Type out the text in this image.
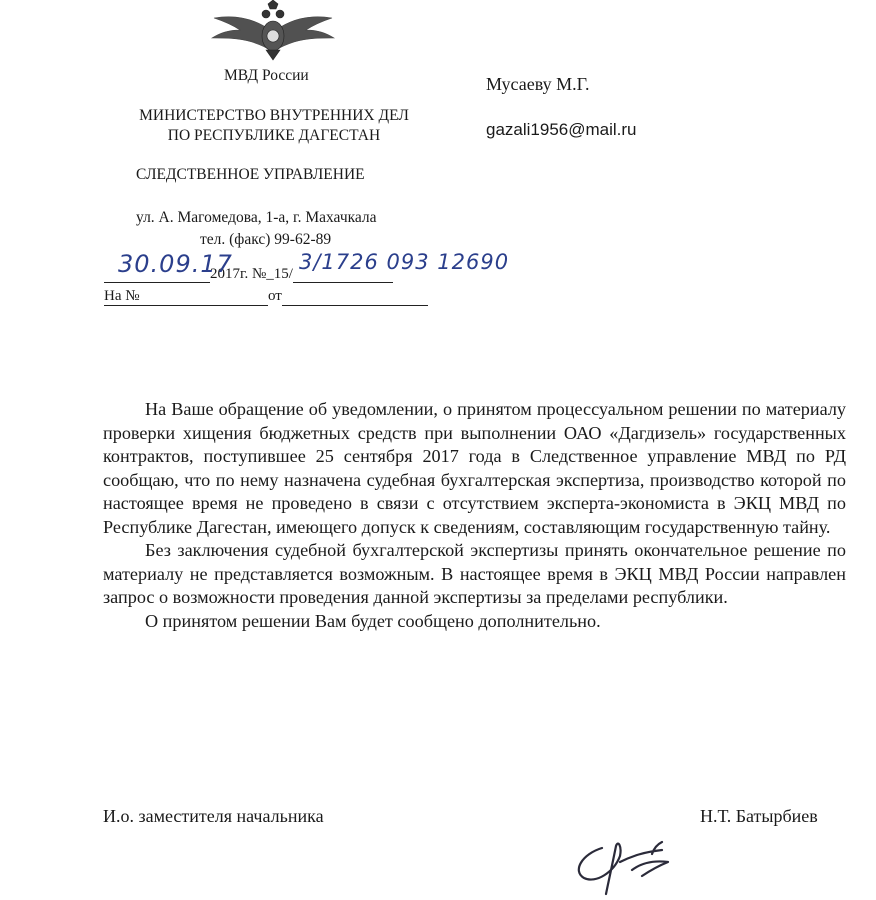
МВД России
МИНИСТЕРСТВО ВНУТРЕННИХ ДЕЛ
ПО РЕСПУБЛИКЕ ДАГЕСТАН
СЛЕДСТВЕННОЕ УПРАВЛЕНИЕ
ул. А. Магомедова, 1-а, г. Махачкала
тел. (факс) 99-62-89
30.09.17
2017г. №_15/ 3/1726 093 12690
На №	от
Мусаеву М.Г.
gazali1956@mail.ru

На Ваше обращение об уведомлении, о принятом процессуальном решении по материалу проверки хищения бюджетных средств при выполнении ОАО «Дагдизель» государственных контрактов, поступившее 25 сентября 2017 года в Следственное управление МВД по РД сообщаю, что по нему назначена судебная бухгалтерская экспертиза, производство которой по настоящее время не проведено в связи с отсутствием эксперта-экономиста в ЭКЦ МВД по Республике Дагестан, имеющего допуск к сведениям, составляющим государственную тайну.

Без заключения судебной бухгалтерской экспертизы принять окончательное решение по материалу не представляется возможным. В настоящее время в ЭКЦ МВД России направлен запрос о возможности проведения данной экспертизы за пределами республики.

О принятом решении Вам будет сообщено дополнительно.

И.о. заместителя начальника	Н.Т. Батырбиев
